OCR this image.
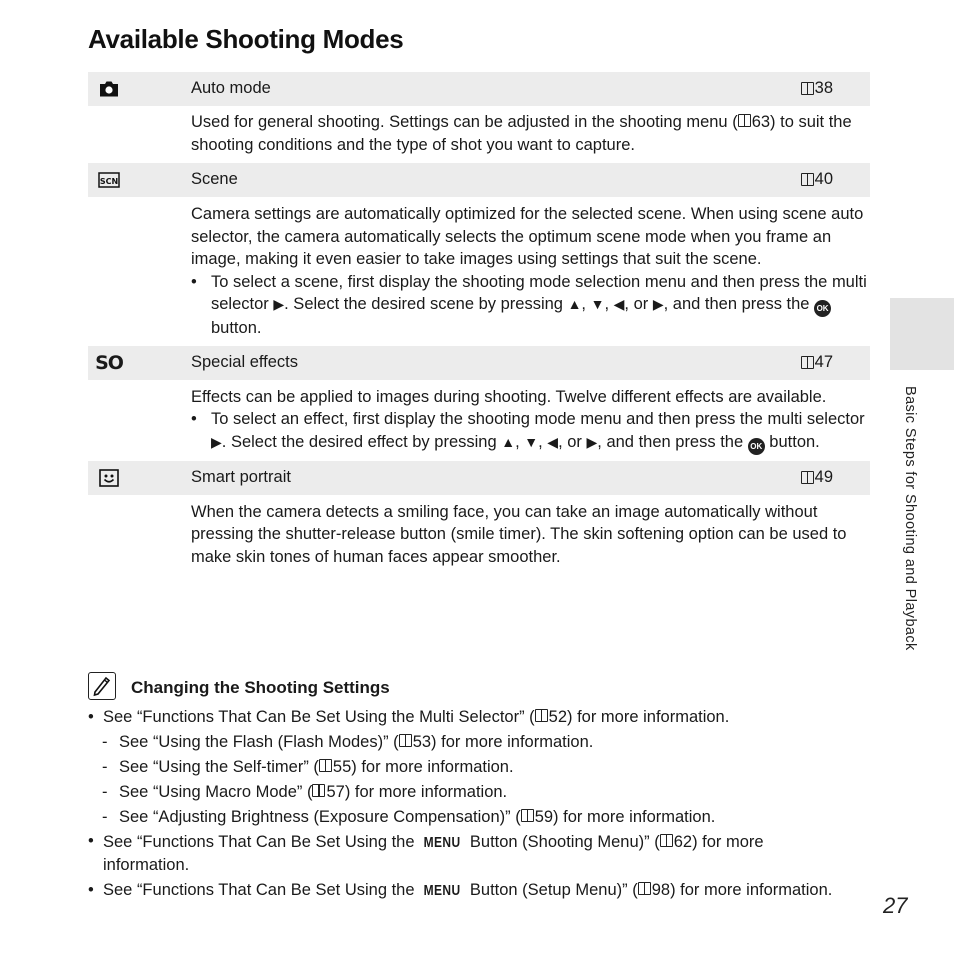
Available Shooting Modes
Auto mode	38

Used for general shooting. Settings can be adjusted in the shooting menu ( 63) to suit the shooting conditions and the type of shot you want to capture.

SCN	Scene	40

Camera settings are automatically optimized for the selected scene. When using scene auto selector, the camera automatically selects the optimum scene mode when you frame an image, making it even easier to take images using settings that suit the scene.

• To select a scene, first display the shooting mode selection menu and then press the multi selector ▶. Select the desired scene by pressing ▲, ▼, ◀, or ▶, and then press the OK button.

SO	Special effects	47

Effects can be applied to images during shooting. Twelve different effects are available.

• To select an effect, first display the shooting mode menu and then press the multi selector ▶. Select the desired effect by pressing ▲, ▼, ◀, or ▶, and then press the OK button.

Smart portrait	49

When the camera detects a smiling face, you can take an image automatically without pressing the shutter-release button (smile timer). The skin softening option can be used to make skin tones of human faces appear smoother.

Changing the Shooting Settings
• See “Functions That Can Be Set Using the Multi Selector” ( 52) for more information.
- See “Using the Flash (Flash Modes)” ( 53) for more information.
- See “Using the Self-timer” ( 55) for more information.
- See “Using Macro Mode” ( 57) for more information.
- See “Adjusting Brightness (Exposure Compensation)” ( 59) for more information.
• See “Functions That Can Be Set Using the MENU Button (Shooting Menu)” ( 62) for more information.
• See “Functions That Can Be Set Using the MENU Button (Setup Menu)” ( 98) for more information.
Basic Steps for Shooting and Playback
27
